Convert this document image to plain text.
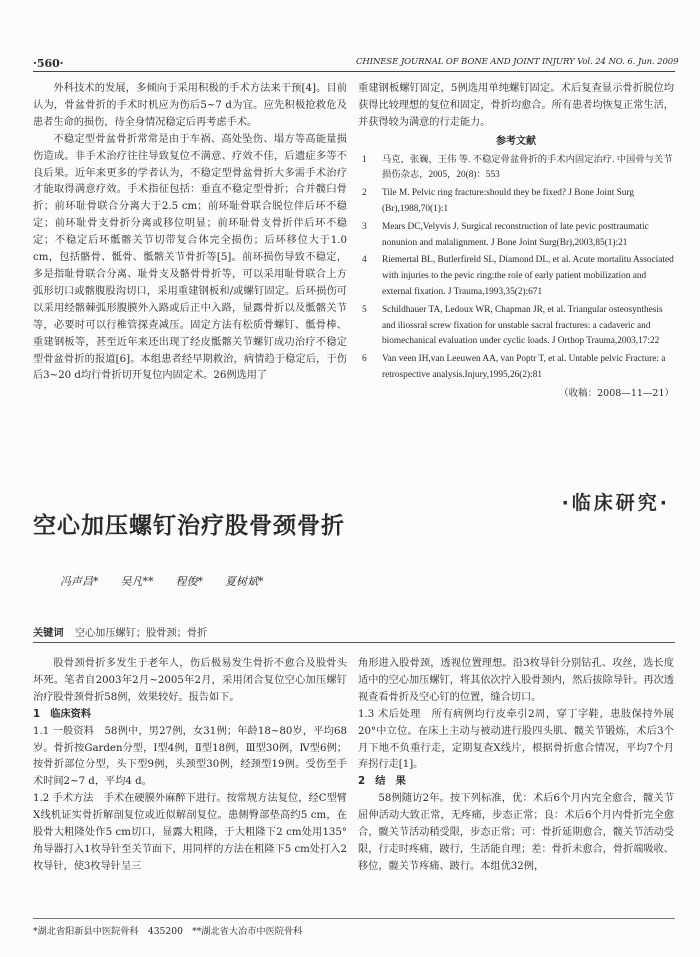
·560·	CHINESE JOURNAL OF BONE AND JOINT INJURY Vol. 24 NO. 6. Jun. 2009

外科技术的发展，多倾向于采用积极的手术方法来干预[4]。目前认为，骨盆骨折的手术时机应为伤后5~7 d为宜。应先积极抢救危及患者生命的损伤，待全身情况稳定后再考虑手术。

不稳定型骨盆骨折常常是由于车祸、高处坠伤、塌方等高能量损伤造成。非手术治疗往往导致复位不满意、疗效不佳，后遗症多等不良后果。近年来更多的学者认为，不稳定型骨盆骨折大多需手术治疗才能取得满意疗效。手术指征包括：垂直不稳定型骨折；合并髋臼骨折；前环耻骨联合分离大于2.5 cm；前环耻骨联合脱位伴后环不稳定；前环耻骨支骨折分离或移位明显；前环耻骨支骨折伴后环不稳定；不稳定后环骶髂关节切带复合体完全损伤；后环移位大于1.0 cm，包括骼骨、骶骨、骶髂关节骨折等[5]。前环损伤导致不稳定，多是指耻骨联合分离、耻骨支及骼骨骨折等，可以采用耻骨联合上方弧形切口或髂腹股沟切口，采用重建钢板和/或螺钉固定。后环损伤可以采用经髂棘弧形腹膜外入路或后正中入路，显露骨折以及骶髂关节等，必要时可以行椎管探查减压。固定方法有松质骨螺钉、骶骨棒、重建钢板等，甚至近年来还出现了经皮骶髂关节螺钉成功治疗不稳定型骨盆骨折的报道[6]。本组患者经早期救治，病情趋于稳定后，于伤后3~20 d均行骨折切开复位内固定术。26例选用了

重建钢板螺钉固定，5例选用单纯螺钉固定。术后复查显示骨折脱位均获得比较理想的复位和固定，骨折均愈合。所有患者均恢复正常生活，并获得较为满意的行走能力。

参考文献
1	马克，张巍，王伟 等. 不稳定骨盆骨折的手术内固定治疗. 中国骨与关节损伤杂志，2005，20(8)：553
2	Tile M. Pelvic ring fracture:should they be fixed? J Bone Joint Surg (Br),1988,70(1):1
3	Mears DC,Velyvis J. Surgical reconstruction of late pevic posttraumatic nonunion and malalignment. J Bone Joint Surg(Br),2003,85(1):21
4	Riemertal BL, Butlerfireld SL, Diamond DL, et al. Acute mortalitu Associated with injuries to the pevic ring:the role of early patient mobilization and external fixation. J Trauma,1993,35(2):671
5	Schildhauer TA, Ledoux WR, Chapman JR, et al. Triangular osteosynthesis and iliossral screw fixation for unstable sacral fractures: a cadaveric and biomechanical evaluation under cyclic loads. J Orthop Trauma,2003,17:22
6	Van veen IH,van Leeuwen AA, van Poptr T, et al. Untable pelvic Fracture: a retrospective analysis.Injury,1995,26(2):81
（收稿：2008—11—21）
·临床研究·
空心加压螺钉治疗股骨颈骨折
冯声昌* 吴凡** 程俊* 夏树斌*
关键词 空心加压螺钉；股骨颈；骨折

股骨颈骨折多发生于老年人，伤后极易发生骨折不愈合及股骨头坏死。笔者自2003年2月~2005年2月，采用闭合复位空心加压螺钉治疗股骨颈骨折58例，效果较好。报告如下。

1　临床资料

1.1 一般资料　58例中，男27例，女31例；年龄18~80岁，平均68岁。骨折按Garden分型，Ⅰ型4例，Ⅱ型18例，Ⅲ型30例，Ⅳ型6例；按骨折部位分型，头下型9例，头颈型30例，经颈型19例。受伤至手术时间2~7 d，平均4 d。

1.2 手术方法　手术在硬膜外麻醉下进行。按常规方法复位，经C型臂X线机证实骨折解剖复位或近似解剖复位。患侧臀部垫高约5 cm，在股骨大粗隆处作5 cm切口，显露大粗隆，于大粗隆下2 cm处用135°角导器打入1枚导针至关节面下，用同样的方法在粗隆下5 cm处打入2枚导针，使3枚导针呈三

角形进入股骨颈，透视位置理想。沿3枚导针分别钻孔、攻丝，选长度适中的空心加压螺钉，将其依次拧入股骨颈内，然后拔除导针。再次透视查看骨折及空心钉的位置，缝合切口。

1.3 术后处理　所有病例均行皮牵引2周，穿丁字鞋，患肢保持外展20°中立位。在床上主动与被动进行股四头肌、髋关节锻炼，术后3个月下地不负重行走，定期复查X线片，根据骨折愈合情况，平均7个月弃拐行走[1]。

2　结　果

58例随访2年。按下列标准，优：术后6个月内完全愈合，髋关节屈伸活动大致正常，无疼痛，步态正常；良：术后6个月内骨折完全愈合，髋关节活动稍受限，步态正常；可：骨折延期愈合，髋关节活动受限，行走时疼痛，跛行，生活能自理；差：骨折未愈合，骨折端吸收、移位，髋关节疼痛、跛行。本组优32例，

*湖北省阳新县中医院骨科　435200　**湖北省大冶市中医院骨科
